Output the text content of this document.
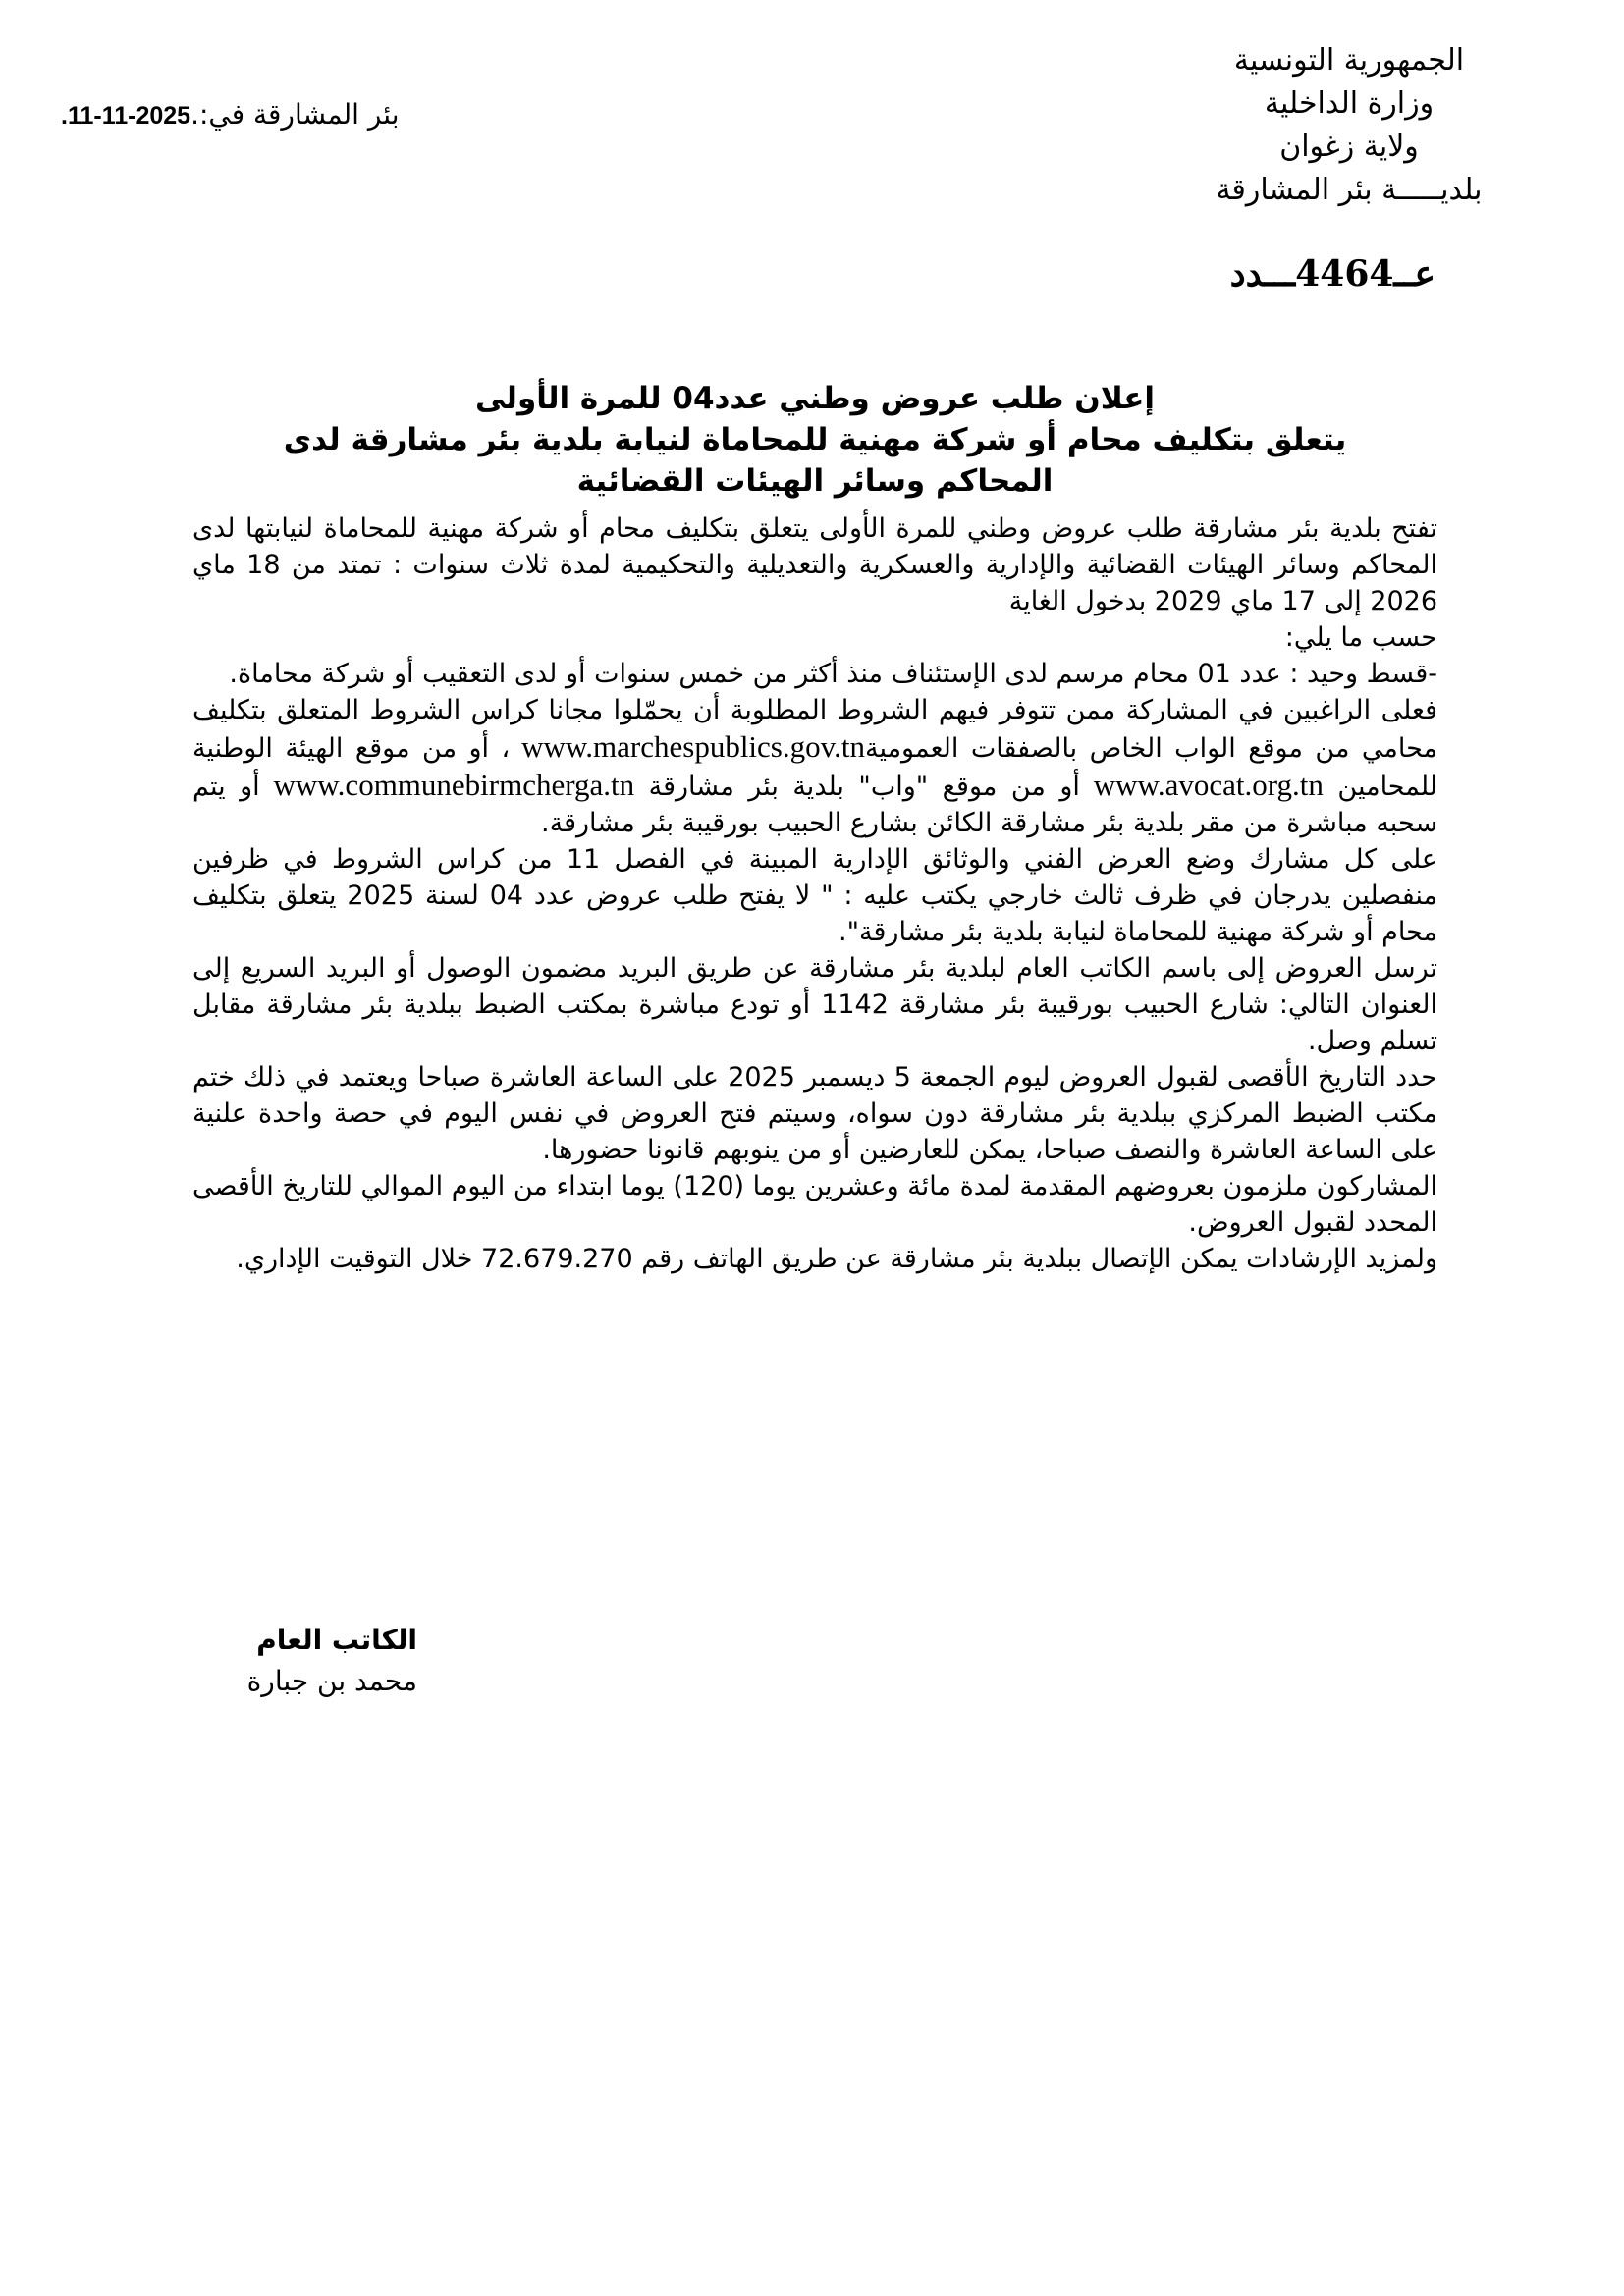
الجمهورية التونسية
وزارة الداخلية
ولاية زغوان
بلديـــــة بئر المشارقة
بئر المشارقة في:..11-11-2025
عــ4464ـــدد
إعلان طلب عروض وطني عدد04 للمرة الأولى
يتعلق بتكليف محام أو شركة مهنية للمحاماة لنيابة بلدية بئر مشارقة لدى المحاكم وسائر الهيئات القضائية

تفتح بلدية بئر مشارقة طلب عروض وطني للمرة الأولى يتعلق بتكليف محام أو شركة مهنية للمحاماة لنيابتها لدى المحاكم وسائر الهيئات القضائية والإدارية والعسكرية والتعديلية والتحكيمية لمدة ثلاث سنوات : تمتد من 18 ماي 2026 إلى 17 ماي 2029 بدخول الغاية

حسب ما يلي:

-قسط وحيد : عدد 01 محام مرسم لدى الإستئناف منذ أكثر من خمس سنوات أو لدى التعقيب أو شركة محاماة.

فعلى الراغبين في المشاركة ممن تتوفر فيهم الشروط المطلوبة أن يحمّلوا مجانا كراس الشروط المتعلق بتكليف محامي من موقع الواب الخاص بالصفقات العموميةwww.marchespublics.gov.tn ، أو من موقع الهيئة الوطنية للمحامين www.avocat.org.tn أو من موقع "واب" بلدية بئر مشارقة www.communebirmcherga.tn أو يتم سحبه مباشرة من مقر بلدية بئر مشارقة الكائن بشارع الحبيب بورقيبة بئر مشارقة.

على كل مشارك وضع العرض الفني والوثائق الإدارية المبينة في الفصل 11 من كراس الشروط في ظرفين منفصلين يدرجان في ظرف ثالث خارجي يكتب عليه : " لا يفتح طلب عروض عدد 04 لسنة 2025 يتعلق بتكليف محام أو شركة مهنية للمحاماة لنيابة بلدية بئر مشارقة".

ترسل العروض إلى باسم الكاتب العام لبلدية بئر مشارقة عن طريق البريد مضمون الوصول أو البريد السريع إلى العنوان التالي: شارع الحبيب بورقيبة بئر مشارقة 1142 أو تودع مباشرة بمكتب الضبط ببلدية بئر مشارقة مقابل تسلم وصل.

حدد التاريخ الأقصى لقبول العروض ليوم الجمعة 5 ديسمبر 2025 على الساعة العاشرة صباحا ويعتمد في ذلك ختم مكتب الضبط المركزي ببلدية بئر مشارقة دون سواه، وسيتم فتح العروض في نفس اليوم في حصة واحدة علنية على الساعة العاشرة والنصف صباحا، يمكن للعارضين أو من ينوبهم قانونا حضورها.

المشاركون ملزمون بعروضهم المقدمة لمدة مائة وعشرين يوما (120) يوما ابتداء من اليوم الموالي للتاريخ الأقصى المحدد لقبول العروض.

ولمزيد الإرشادات يمكن الإتصال ببلدية بئر مشارقة عن طريق الهاتف رقم 72.679.270 خلال التوقيت الإداري.

الكاتب العام
محمد بن جبارة
